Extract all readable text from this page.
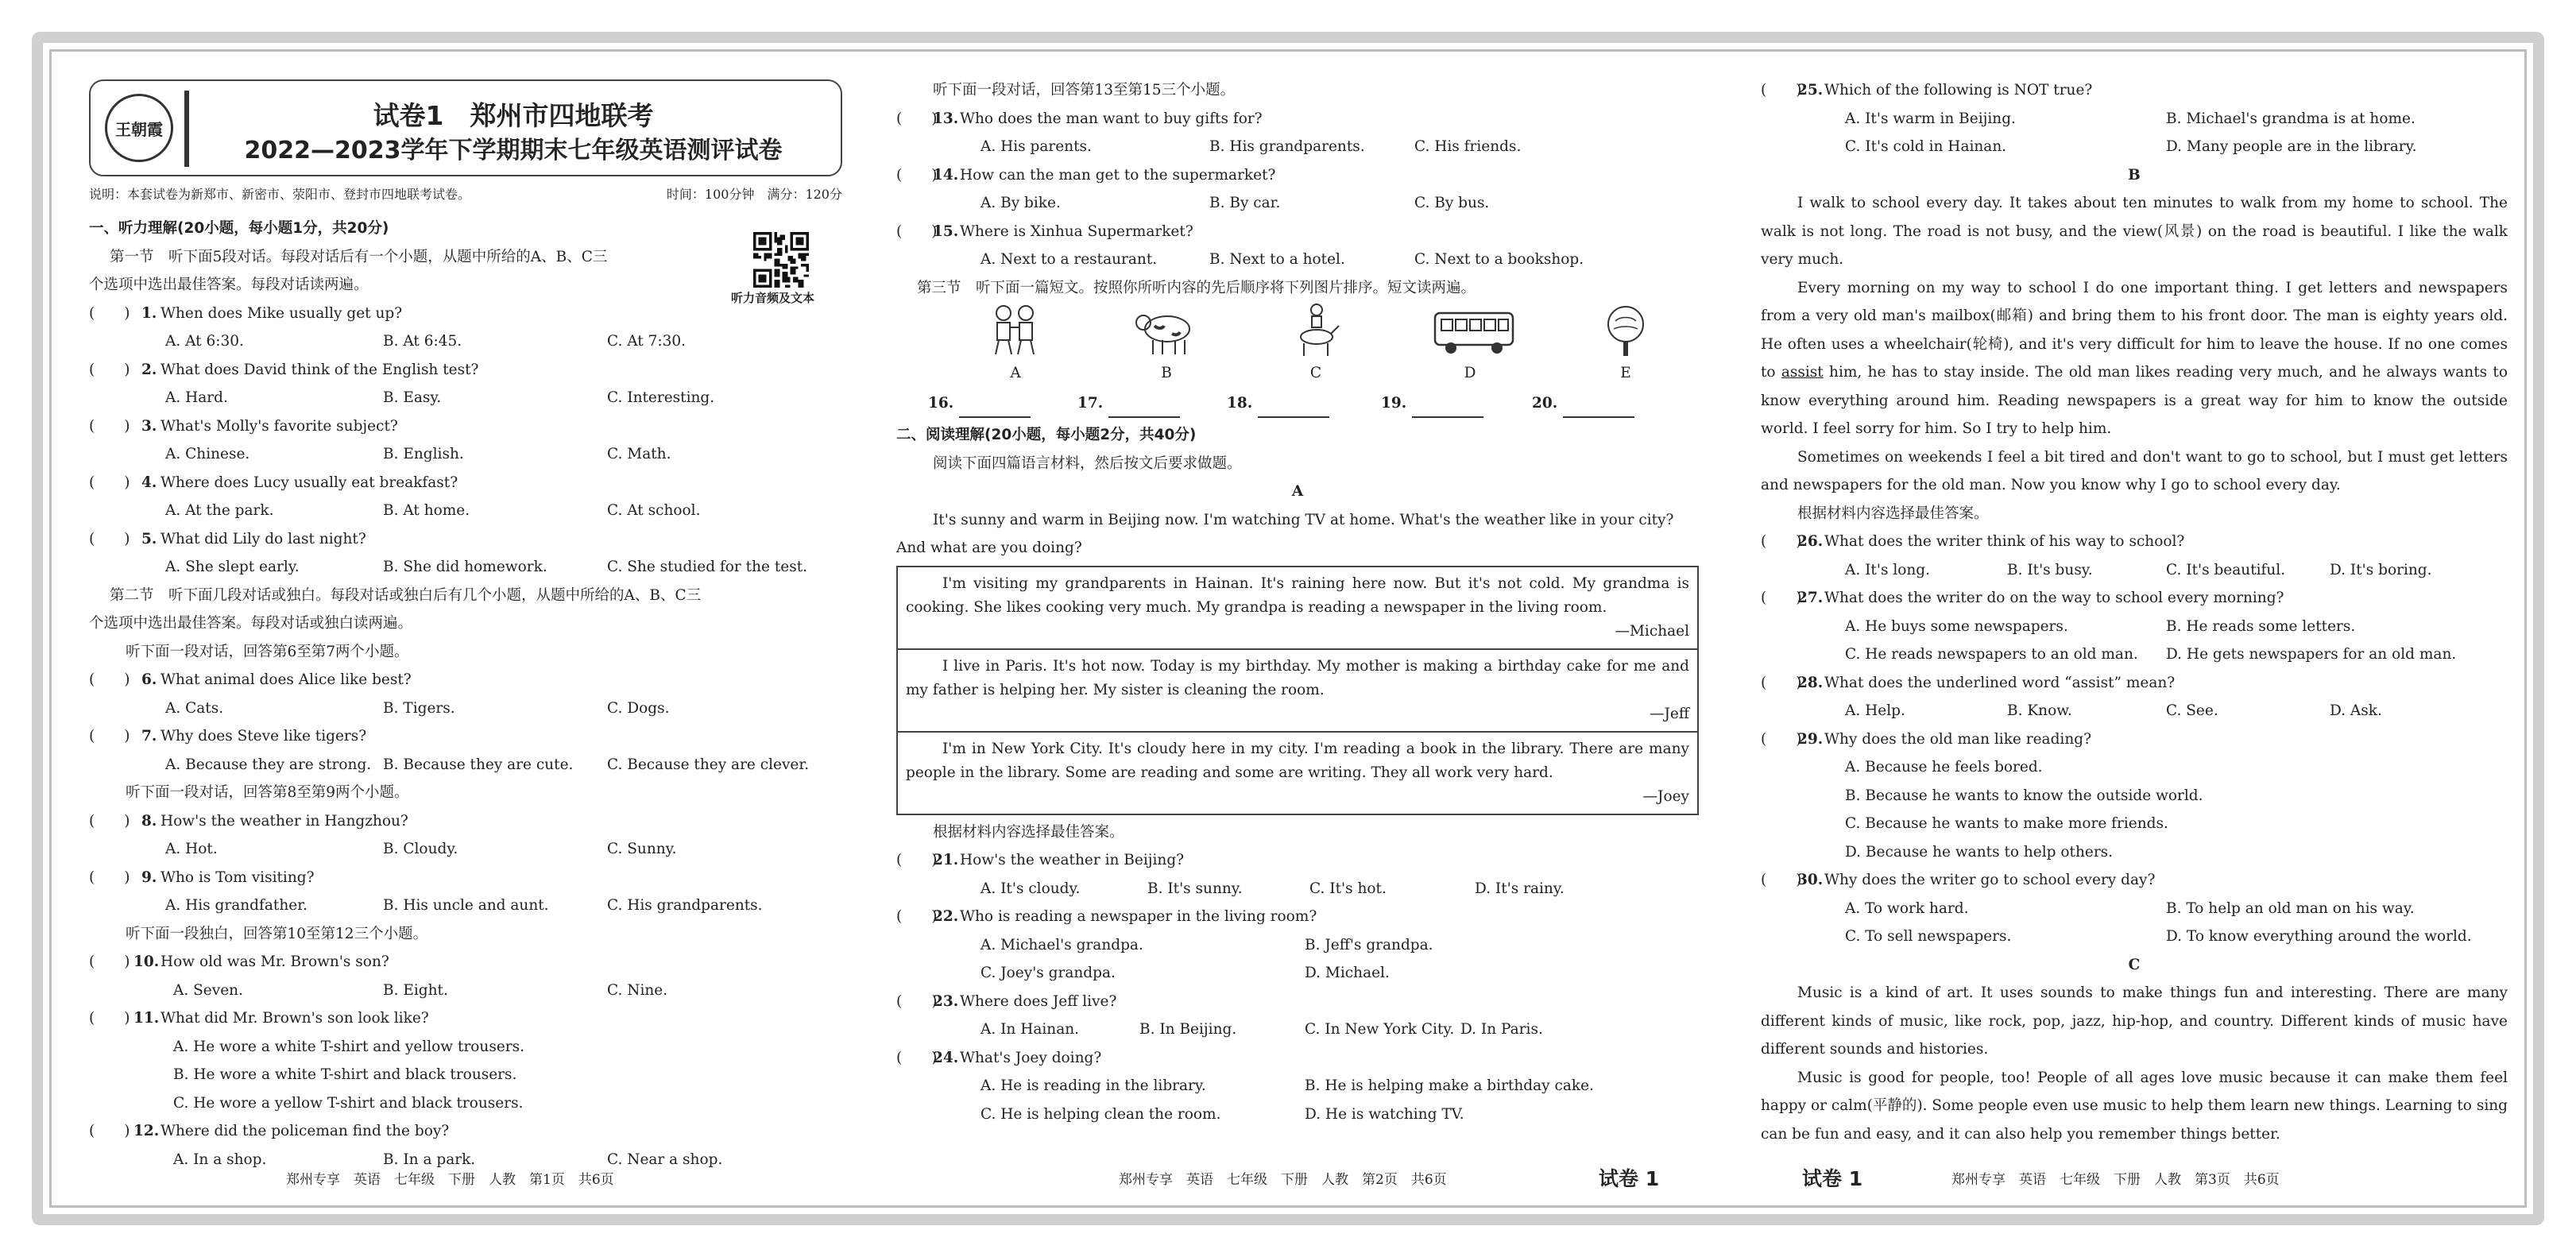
王朝霞	试卷1　郑州市四地联考
2022—2023学年下学期期末七年级英语测评试卷
说明：本套试卷为新郑市、新密市、荥阳市、登封市四地联考试卷。	时间：100分钟　满分：120分
听力音频及文本
一、听力理解(20小题，每小题1分，共20分)
第一节　听下面5段对话。每段对话后有一个小题，从题中所给的A、B、C三
个选项中选出最佳答案。每段对话读两遍。
(　　) 1. When does Mike usually get up?
A. At 6:30.	B. At 6:45.	C. At 7:30.
(　　) 2. What does David think of the English test?
A. Hard.	B. Easy.	C. Interesting.
(　　) 3. What's Molly's favorite subject?
A. Chinese.	B. English.	C. Math.
(　　) 4. Where does Lucy usually eat breakfast?
A. At the park.	B. At home.	C. At school.
(　　) 5. What did Lily do last night?
A. She slept early.	B. She did homework.	C. She studied for the test.
第二节　听下面几段对话或独白。每段对话或独白后有几个小题，从题中所给的A、B、C三
个选项中选出最佳答案。每段对话或独白读两遍。
听下面一段对话，回答第6至第7两个小题。
(　　) 6. What animal does Alice like best?
A. Cats.	B. Tigers.	C. Dogs.
(　　) 7. Why does Steve like tigers?
A. Because they are strong. B. Because they are cute. C. Because they are clever.
听下面一段对话，回答第8至第9两个小题。
(　　) 8. How's the weather in Hangzhou?
A. Hot.	B. Cloudy.	C. Sunny.
(　　) 9. Who is Tom visiting?
A. His grandfather.	B. His uncle and aunt.	C. His grandparents.
听下面一段独白，回答第10至第12三个小题。
(　　) 10. How old was Mr. Brown's son?
A. Seven.	B. Eight.	C. Nine.
(　　) 11. What did Mr. Brown's son look like?
A. He wore a white T-shirt and yellow trousers.
B. He wore a white T-shirt and black trousers.
C. He wore a yellow T-shirt and black trousers.
(　　) 12. Where did the policeman find the boy?
A. In a shop.	B. In a park.	C. Near a shop.
听下面一段对话，回答第13至第15三个小题。
(　　)
13. Who does the man want to buy gifts for?
A. His parents.	B. His grandparents.	C. His friends.
(　　)
14. How can the man get to the supermarket?
A. By bike.	B. By car.	C. By bus.
(　　)
15. Where is Xinhua Supermarket?
A. Next to a restaurant.	B. Next to a hotel.	C. Next to a bookshop.
第三节　听下面一篇短文。按照你所听内容的先后顺序将下列图片排序。短文读两遍。
A	B	C	D	E
16.	17.	18.	19.	20.
二、阅读理解(20小题，每小题2分，共40分)
阅读下面四篇语言材料，然后按文后要求做题。
A
It's sunny and warm in Beijing now. I'm watching TV at home. What's the weather like in your city?
And what are you doing?
I'm visiting my grandparents in Hainan. It's raining here now. But it's not cold. My grandma is cooking. She likes cooking very much. My grandpa is reading a newspaper in the living room.
—Michael
I live in Paris. It's hot now. Today is my birthday. My mother is making a birthday cake for me and my father is helping her. My sister is cleaning the room.
—Jeff
I'm in New York City. It's cloudy here in my city. I'm reading a book in the library. There are many people in the library. Some are reading and some are writing. They all work very hard.
—Joey
根据材料内容选择最佳答案。
(　　)
21. How's the weather in Beijing?
A. It's cloudy.	B. It's sunny.	C. It's hot.	D. It's rainy.
(　　)
22. Who is reading a newspaper in the living room?
A. Michael's grandpa.	B. Jeff's grandpa.
C. Joey's grandpa.	D. Michael.
(　　)
23. Where does Jeff live?
A. In Hainan.	B. In Beijing.	C. In New York City. D. In Paris.
(　　)
24. What's Joey doing?
A. He is reading in the library.	B. He is helping make a birthday cake.
C. He is helping clean the room.	D. He is watching TV.
(　　)
25. Which of the following is NOT true?
A. It's warm in Beijing.	B. Michael's grandma is at home.
C. It's cold in Hainan.	D. Many people are in the library.
B
I walk to school every day. It takes about ten minutes to walk from my home to school. The walk is not long. The road is not busy, and the view(风景) on the road is beautiful. I like the walk very much.
Every morning on my way to school I do one important thing. I get letters and newspapers from a very old man's mailbox(邮箱) and bring them to his front door. The man is eighty years old. He often uses a wheelchair(轮椅), and it's very difficult for him to leave the house. If no one comes to assist him, he has to stay inside. The old man likes reading very much, and he always wants to know everything around him. Reading newspapers is a great way for him to know the outside world. I feel sorry for him. So I try to help him.
Sometimes on weekends I feel a bit tired and don't want to go to school, but I must get letters and newspapers for the old man. Now you know why I go to school every day.
根据材料内容选择最佳答案。
(　　)
26. What does the writer think of his way to school?
A. It's long.	B. It's busy.	C. It's beautiful.	D. It's boring.
(　　)
27. What does the writer do on the way to school every morning?
A. He buys some newspapers.	B. He reads some letters.
C. He reads newspapers to an old man. D. He gets newspapers for an old man.
(　　)
28. What does the underlined word “assist” mean?
A. Help.	B. Know.	C. See.	D. Ask.
(　　)
29. Why does the old man like reading?
A. Because he feels bored.
B. Because he wants to know the outside world.
C. Because he wants to make more friends.
D. Because he wants to help others.
(　　)
30. Why does the writer go to school every day?
A. To work hard.	B. To help an old man on his way.
C. To sell newspapers.	D. To know everything around the world.
C
Music is a kind of art. It uses sounds to make things fun and interesting. There are many different kinds of music, like rock, pop, jazz, hip-hop, and country. Different kinds of music have different sounds and histories.
Music is good for people, too! People of all ages love music because it can make them feel happy or calm(平静的). Some people even use music to help them learn new things. Learning to sing can be fun and easy, and it can also help you remember things better.
郑州专享　英语　七年级　下册　人教　第1页　共6页	郑州专享　英语　七年级　下册　人教　第2页　共6页	试卷 1	试卷 1	郑州专享　英语　七年级　下册　人教　第3页　共6页
